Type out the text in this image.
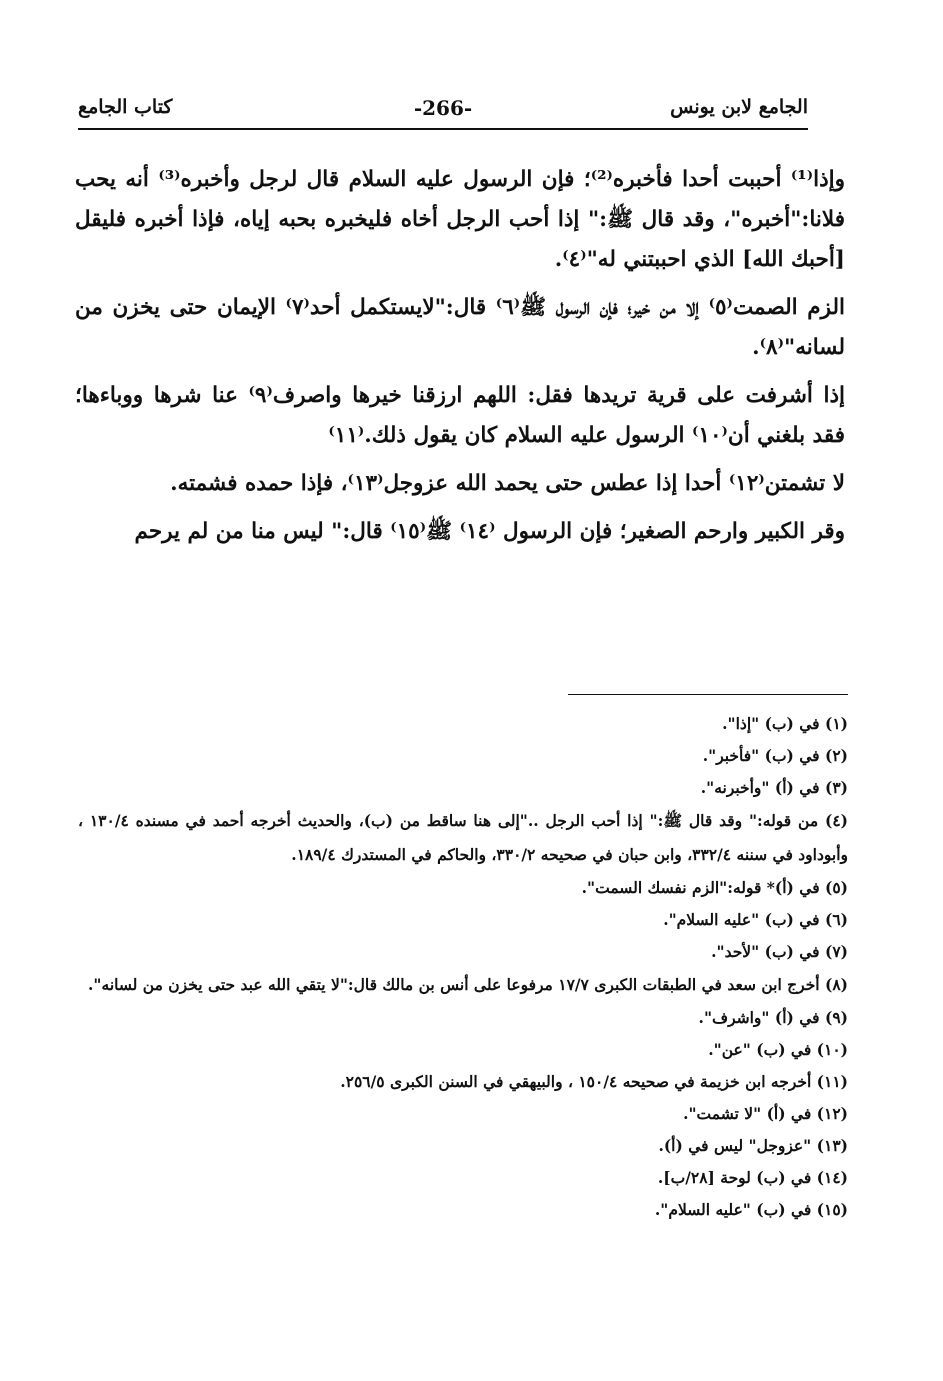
الجامع لابن يونس
-266-
كتاب الجامع

وإذا⁽¹⁾ أحببت أحدا فأخبره⁽²⁾؛ فإن الرسول عليه السلام قال لرجل وأخبره⁽³⁾ أنه يحب فلانا:"أخبره"، وقد قال ﷺ:" إذا أحب الرجل أخاه فليخبره بحبه إياه، فإذا أخبره فليقل [أحبك الله] الذي احببتني له"⁽٤⁾.

الزم الصمت⁽٥⁾ إلا من خير؛ فإن الرسول ﷺ⁽٦⁾ قال:"لايستكمل أحد⁽٧⁾ الإيمان حتى يخزن من لسانه"⁽٨⁾.

إذا أشرفت على قرية تريدها فقل: اللهم ارزقنا خيرها واصرف⁽٩⁾ عنا شرها ووباءها؛ فقد بلغني أن⁽١٠⁾ الرسول عليه السلام كان يقول ذلك.⁽١١⁾

لا تشمتن⁽١٢⁾ أحدا إذا عطس حتى يحمد الله عزوجل⁽١٣⁾، فإذا حمده فشمته.

وقر الكبير وارحم الصغير؛ فإن الرسول ⁽١٤⁾ ﷺ⁽١٥⁾ قال:" ليس منا من لم يرحم

(١) في (ب) "إذا".

(٢) في (ب) "فأخبر".

(٣) في (أ) "وأخبرنه".

(٤) من قوله:" وقد قال ﷺ:" إذا أحب الرجل .."إلى هنا ساقط من (ب)، والحديث أخرجه أحمد في مسنده ١٣٠/٤ ، وأبوداود في سننه ٣٣٢/٤، وابن حبان في صحيحه ٣٣٠/٢، والحاكم في المستدرك ١٨٩/٤.

(٥) في (أ)* قوله:"الزم نفسك السمت".

(٦) في (ب) "عليه السلام".

(٧) في (ب) "لأحد".

(٨) أخرج ابن سعد في الطبقات الكبرى ١٧/٧ مرفوعا على أنس بن مالك قال:"لا يتقي الله عبد حتى يخزن من لسانه".

(٩) في (أ) "واشرف".

(١٠) في (ب) "عن".

(١١) أخرجه ابن خزيمة في صحيحه ١٥٠/٤ ، والبيهقي في السنن الكبرى ٢٥٦/٥.

(١٢) في (أ) "لا تشمت".

(١٣) "عزوجل" ليس في (أ).

(١٤) في (ب) لوحة [٢٨/ب].

(١٥) في (ب) "عليه السلام".
